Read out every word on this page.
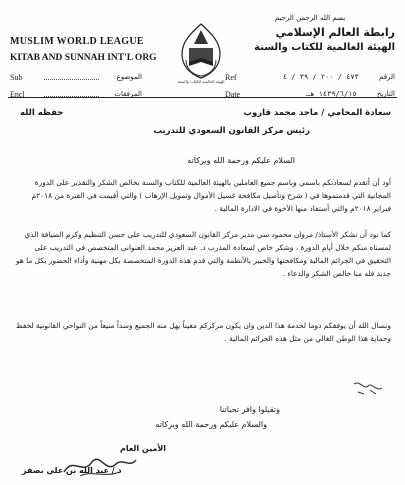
MUSLIM WORLD LEAGUE
KITAB AND SUNNAH INT'L ORG
الهيئة العالمية للكتاب والسنة
بسم الله الرحمن الرحيم
رابطة العالم الإسلامي
الهيئة العالمية للكتاب والسنة
Sub	الموضوع
Encl	المرفقات
الرقم ٤٧٣ / ٢٠٠ / ٣٩ / ٤
Ref
التاريخ ١٤٣٩/٦/١٥ هـ
Date
سعادة المحامي / ماجد محمد قاروب
حفظه الله
رئيس مركز القانون السعودي للتدريب
السلام عليكم ورحمة الله وبركاته
أود أن أتقدم لسعادتكم باسمي وباسم جميع العاملين بالهيئة العالمية للكتاب والسنة بخالص الشكر والتقدير على الدورة المجانية التي قدمتموها في ( شرح وتأصيل مكافحة غسيل الأموال وتمويل الإرهاب ) والتي أقيمت في الفترة من ٢٠١٨م فبراير ٢٠١٨م والتي أستفاد منها الأخوة في الادارة المالية .
كما نود أن نشكر الأستاذ/ مروان محمود سي مدير مركز القانون السعودي للتدريب على حسن التنظيم وكرم الضيافة الذي لمسناه منكم خلال أيام الدورة ، وشكر خاص لسعادة المدرب د. عبد العزيز محمد العنوانى المتخصص في التدريب على التحقيق في الجرائم المالية ومكافحتها والخبير بالأنظمة والتي قدم هذه الدورة المتخصصة بكل مهنية وأداء الحضور بكل ما هو جديد فله منا خالص الشكر والدعاء .
ونسال الله أن يوفقكم دوما لخدمة هذا الدين وان يكون مركزكم معيناً يهل منه الجميع وسداً منيعاً من النواحي القانونية لحفظ وحماية هذا الوطن الغالي من مثل هذه الجرائم المالية .
وتقبلوا وافر تحياتنا
والسلام عليكم ورحمة الله وبركاته
الأمين العام
د / عبد الله بن علي بصفر
